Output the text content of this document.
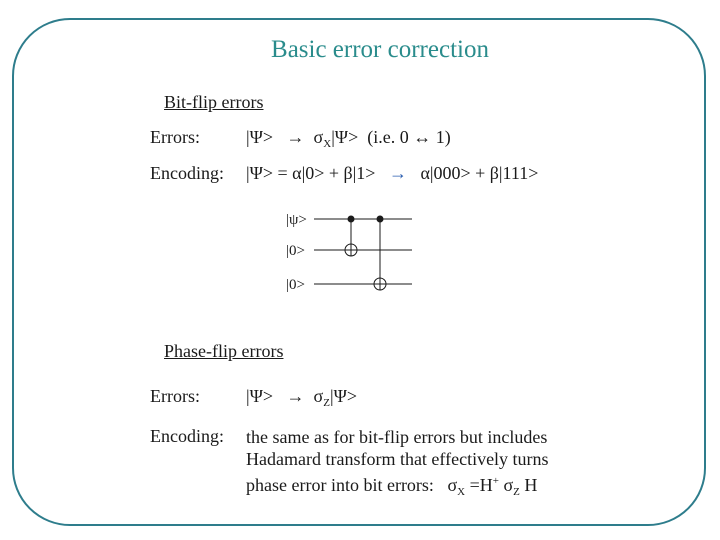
Basic error correction
Bit-flip errors
Errors:	$|\Psi> \to \sigma_X|\Psi> (i.e$. 0 ↔ 1)
Encoding: |Ψ> = α|0> + β|1> → α|000> + β|111>
|ψ>
|0>
|0>
Phase-flip errors
Errors:	$|\Psi> \to \sigma_Z|\Psi>$
Encoding: the same as for bit-flip errors but includes
Hadamard transform that effectively turns
phase error into bit errors: $\sigma_X =H^+$ $\sigma_Z$ H
